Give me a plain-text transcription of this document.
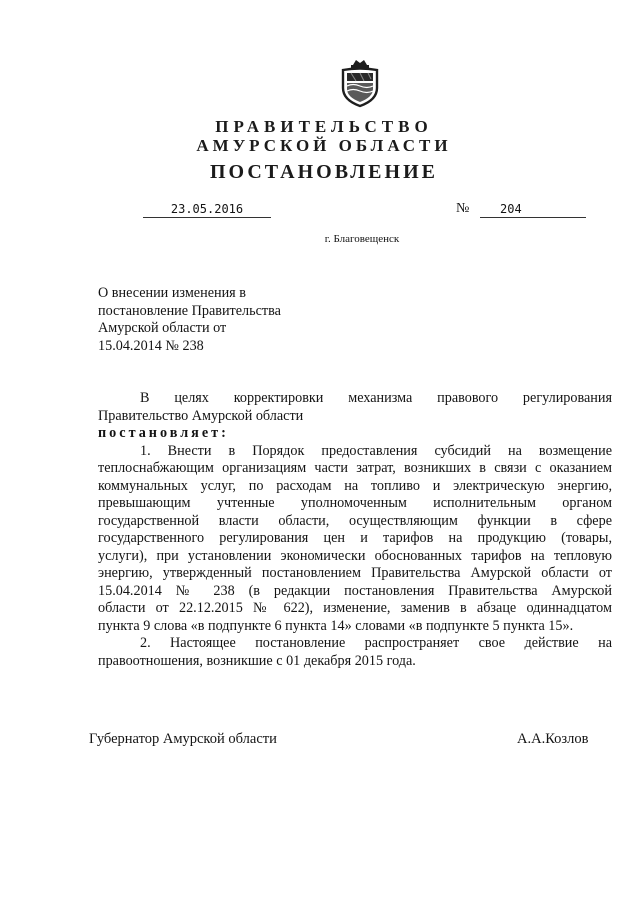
ПРАВИТЕЛЬСТВО
АМУРСКОЙ ОБЛАСТИ
ПОСТАНОВЛЕНИЕ
23.05.2016	№	204
г. Благовещенск
О внесении изменения в
постановление Правительства
Амурской области от
15.04.2014 № 238
В целях корректировки механизма правового регулирования
Правительство Амурской области
постановляет:
1. Внести в Порядок предоставления субсидий на возмещение
теплоснабжающим организациям части затрат, возникших в связи с оказанием
коммунальных услуг, по расходам на топливо и электрическую энергию,
превышающим учтенные уполномоченным исполнительным органом
государственной власти области, осуществляющим функции в сфере
государственного регулирования цен и тарифов на продукцию (товары,
услуги), при установлении экономически обоснованных тарифов на тепловую
энергию, утвержденный постановлением Правительства Амурской области от
15.04.2014 № 238 (в редакции постановления Правительства Амурской
области от 22.12.2015 № 622), изменение, заменив в абзаце одиннадцатом
пункта 9 слова «в подпункте 6 пункта 14» словами «в подпункте 5 пункта 15».
2. Настоящее постановление распространяет свое действие на
правоотношения, возникшие с 01 декабря 2015 года.
Губернатор Амурской области	А.А.Козлов
